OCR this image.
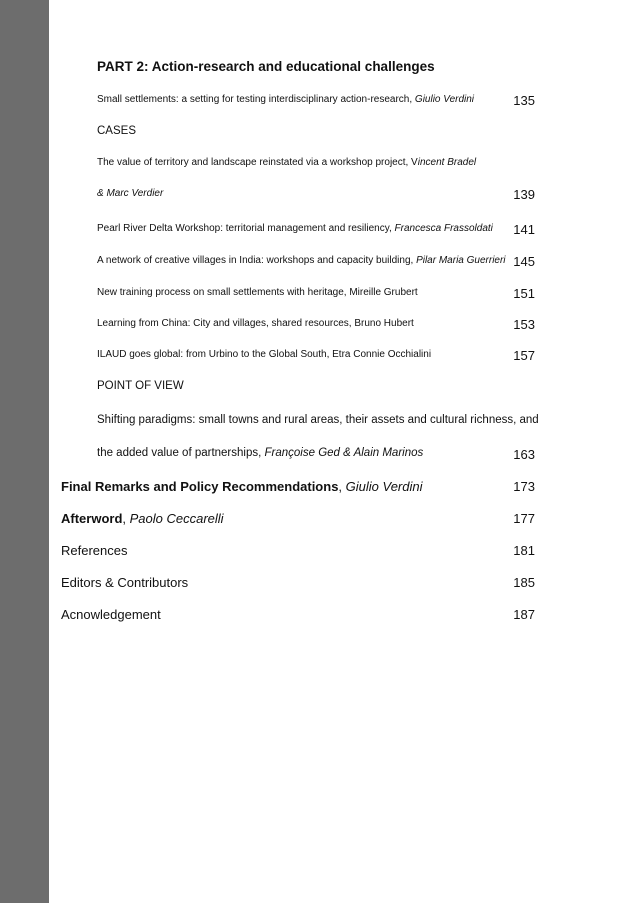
PART 2: Action-research and educational challenges
Small settlements: a setting for testing interdisciplinary action-research, Giulio Verdini	135
CASES
The value of territory and landscape reinstated via a workshop project, Vincent Bradel
& Marc Verdier	139
Pearl River Delta Workshop: territorial management and resiliency, Francesca Frassoldati 141
A network of creative villages in India: workshops and capacity building, Pilar Maria Guerrieri 145
New training process on small settlements with heritage, Mireille Grubert	151
Learning from China: City and villages, shared resources, Bruno Hubert	153
ILAUD goes global: from Urbino to the Global South, Etra Connie Occhialini	157
POINT OF VIEW
Shifting paradigms: small towns and rural areas, their assets and cultural richness, and
the added value of partnerships, Françoise Ged & Alain Marinos	163
Final Remarks and Policy Recommendations, Giulio Verdini	173
Afterword, Paolo Ceccarelli	177
References	181
Editors & Contributors	185
Acnowledgement	187
